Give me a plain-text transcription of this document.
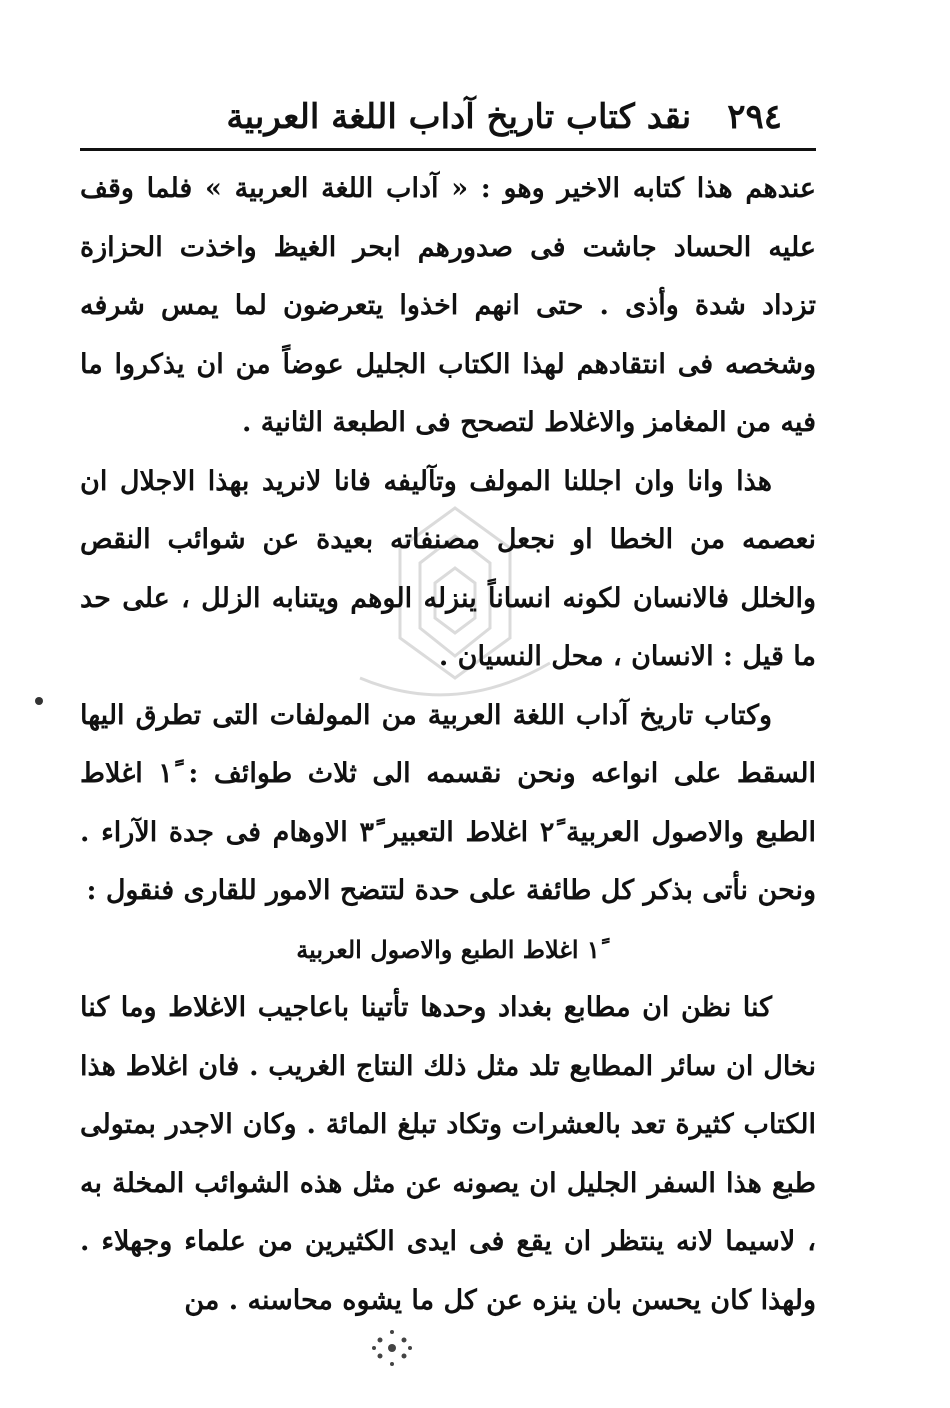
٢٩٤
نقد كتاب تاريخ آداب اللغة العربية

عندهم هذا كتابه الاخير وهو : « آداب اللغة العربية » فلما وقف عليه الحساد جاشت فى صدورهم ابحر الغيظ واخذت الحزازة تزداد شدة وأذى . حتى انهم اخذوا يتعرضون لما يمس شرفه وشخصه فى انتقادهم لهذا الكتاب الجليل عوضاً من ان يذكروا ما فيه من المغامز والاغلاط لتصحح فى الطبعة الثانية .

هذا وانا وان اجللنا المولف وتآليفه فانا لانريد بهذا الاجلال ان نعصمه من الخطا او نجعل مصنفاته بعيدة عن شوائب النقص والخلل فالانسان لكونه انساناً ينزله الوهم ويتنابه الزلل ، على حد ما قيل : الانسان ، محل النسيان .

وكتاب تاريخ آداب اللغة العربية من المولفات التى تطرق اليها السقط على انواعه ونحن نقسمه الى ثلاث طوائف : ١ً اغلاط الطبع والاصول العربية ٢ً اغلاط التعبير ٣ً الاوهام فى جدة الآراء . ونحن نأتى بذكر كل طائفة على حدة لتتضح الامور للقارى فنقول :

١ً اغلاط الطبع والاصول العربية

كنا نظن ان مطابع بغداد وحدها تأتينا باعاجيب الاغلاط وما كنا نخال ان سائر المطابع تلد مثل ذلك النتاج الغريب . فان اغلاط هذا الكتاب كثيرة تعد بالعشرات وتكاد تبلغ المائة . وكان الاجدر بمتولى طبع هذا السفر الجليل ان يصونه عن مثل هذه الشوائب المخلة به ، لاسيما لانه ينتظر ان يقع فى ايدى الكثيرين من علماء وجهلاء . ولهذا كان يحسن بان ينزه عن كل ما يشوه محاسنه . من
